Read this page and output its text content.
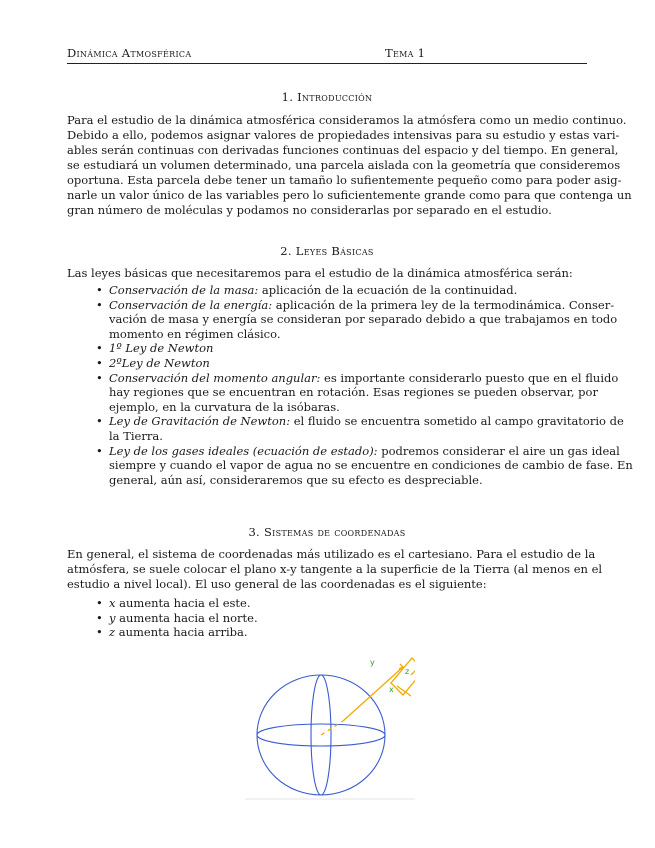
Dinámica Atmosférica	Tema 1
1. Introducción
Para el estudio de la dinámica atmosférica consideramos la atmósfera como un medio continuo.
Debido a ello, podemos asignar valores de propiedades intensivas para su estudio y estas vari-
ables serán continuas con derivadas funciones continuas del espacio y del tiempo. En general,
se estudiará un volumen determinado, una parcela aislada con la geometría que consideremos
oportuna. Esta parcela debe tener un tamaño lo sufientemente pequeño como para poder asig-
narle un valor único de las variables pero lo suficientemente grande como para que contenga un
gran número de moléculas y podamos no considerarlas por separado en el estudio.
2. Leyes Básicas
Las leyes básicas que necesitaremos para el estudio de la dinámica atmosférica serán:
• Conservación de la masa: aplicación de la ecuación de la continuidad.
• Conservación de la energía: aplicación de la primera ley de la termodinámica. Conser-
vación de masa y energía se consideran por separado debido a que trabajamos en todo
momento en régimen clásico.
• 1º Ley de Newton
• 2ºLey de Newton
• Conservación del momento angular: es importante considerarlo puesto que en el fluido
hay regiones que se encuentran en rotación. Esas regiones se pueden observar, por
ejemplo, en la curvatura de la isóbaras.
• Ley de Gravitación de Newton: el fluido se encuentra sometido al campo gravitatorio de
la Tierra.
• Ley de los gases ideales (ecuación de estado): podremos considerar el aire un gas ideal
siempre y cuando el vapor de agua no se encuentre en condiciones de cambio de fase. En
general, aún así, consideraremos que su efecto es despreciable.
3. Sistemas de coordenadas
En general, el sistema de coordenadas más utilizado es el cartesiano. Para el estudio de la
atmósfera, se suele colocar el plano x-y tangente a la superficie de la Tierra (al menos en el
estudio a nivel local). El uso general de las coordenadas es el siguiente:
• x aumenta hacia el este.
• y aumenta hacia el norte.
• z aumenta hacia arriba.
y
z
x
